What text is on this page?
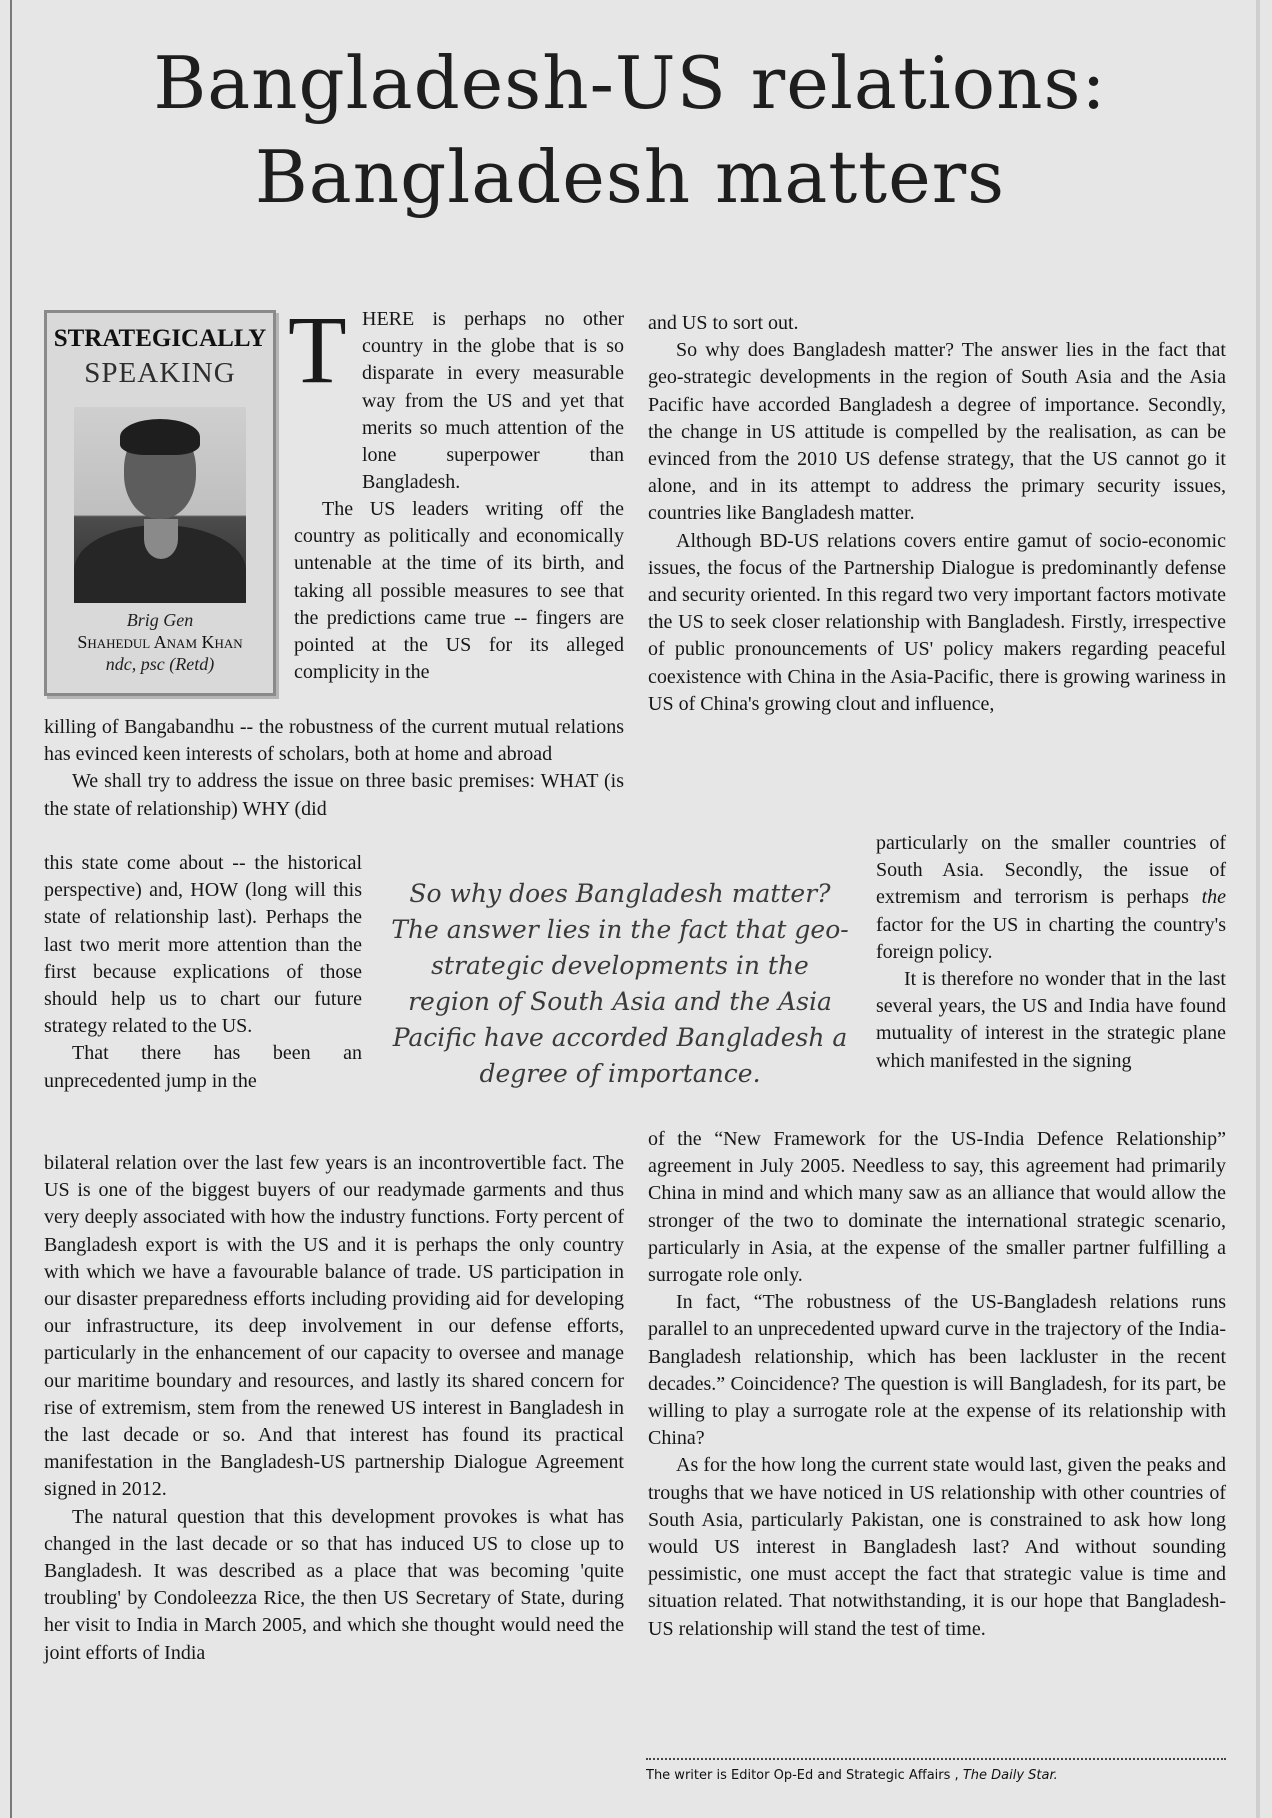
Bangladesh-US relations:
Bangladesh matters
STRATEGICALLY
SPEAKING
Brig Gen
Shahedul Anam Khan
ndc, psc (Retd)
T HERE is perhaps no other country in the globe that is so disparate in every measurable way from the US and yet that merits so much attention of the lone superpower than Bangladesh.

The US leaders writing off the country as politically and economically untenable at the time of its birth, and taking all possible measures to see that the predictions came true -- fingers are pointed at the US for its alleged complicity in the

killing of Bangabandhu -- the robustness of the current mutual relations has evinced keen interests of scholars, both at home and abroad

We shall try to address the issue on three basic premises: WHAT (is the state of relationship) WHY (did

this state come about -- the historical perspective) and, HOW (long will this state of relationship last). Perhaps the last two merit more attention than the first because explications of those should help us to chart our future strategy related to the US.

That there has been an unprecedented jump in the

bilateral relation over the last few years is an incontrovertible fact. The US is one of the biggest buyers of our readymade garments and thus very deeply associated with how the industry functions. Forty percent of Bangladesh export is with the US and it is perhaps the only country with which we have a favourable balance of trade. US participation in our disaster preparedness efforts including providing aid for developing our infrastructure, its deep involvement in our defense efforts, particularly in the enhancement of our capacity to oversee and manage our maritime boundary and resources, and lastly its shared concern for rise of extremism, stem from the renewed US interest in Bangladesh in the last decade or so. And that interest has found its practical manifestation in the Bangladesh-US partnership Dialogue Agreement signed in 2012.

The natural question that this development provokes is what has changed in the last decade or so that has induced US to close up to Bangladesh. It was described as a place that was becoming 'quite troubling' by Condoleezza Rice, the then US Secretary of State, during her visit to India in March 2005, and which she thought would need the joint efforts of India

and US to sort out.

So why does Bangladesh matter? The answer lies in the fact that geo-strategic developments in the region of South Asia and the Asia Pacific have accorded Bangladesh a degree of importance. Secondly, the change in US attitude is compelled by the realisation, as can be evinced from the 2010 US defense strategy, that the US cannot go it alone, and in its attempt to address the primary security issues, countries like Bangladesh matter.

Although BD-US relations covers entire gamut of socio-economic issues, the focus of the Partnership Dialogue is predominantly defense and security oriented. In this regard two very important factors motivate the US to seek closer relationship with Bangladesh. Firstly, irrespective of public pronouncements of US' policy makers regarding peaceful coexistence with China in the Asia-Pacific, there is growing wariness in US of China's growing clout and influence,

particularly on the smaller countries of South Asia. Secondly, the issue of extremism and terrorism is perhaps the factor for the US in charting the country's foreign policy.

It is therefore no wonder that in the last several years, the US and India have found mutuality of interest in the strategic plane which manifested in the signing

of the “New Framework for the US-India Defence Relationship” agreement in July 2005. Needless to say, this agreement had primarily China in mind and which many saw as an alliance that would allow the stronger of the two to dominate the international strategic scenario, particularly in Asia, at the expense of the smaller partner fulfilling a surrogate role only.

In fact, “The robustness of the US-Bangladesh relations runs parallel to an unprecedented upward curve in the trajectory of the India-Bangladesh relationship, which has been lackluster in the recent decades.” Coincidence? The question is will Bangladesh, for its part, be willing to play a surrogate role at the expense of its relationship with China?

As for the how long the current state would last, given the peaks and troughs that we have noticed in US relationship with other countries of South Asia, particularly Pakistan, one is constrained to ask how long would US interest in Bangladesh last? And without sounding pessimistic, one must accept the fact that strategic value is time and situation related. That notwithstanding, it is our hope that Bangladesh-US relationship will stand the test of time.

So why does Bangladesh matter? The answer lies in the fact that geo-strategic developments in the region of South Asia and the Asia Pacific have accorded Bangladesh a degree of importance.
The writer is Editor Op-Ed and Strategic Affairs , The Daily Star.
